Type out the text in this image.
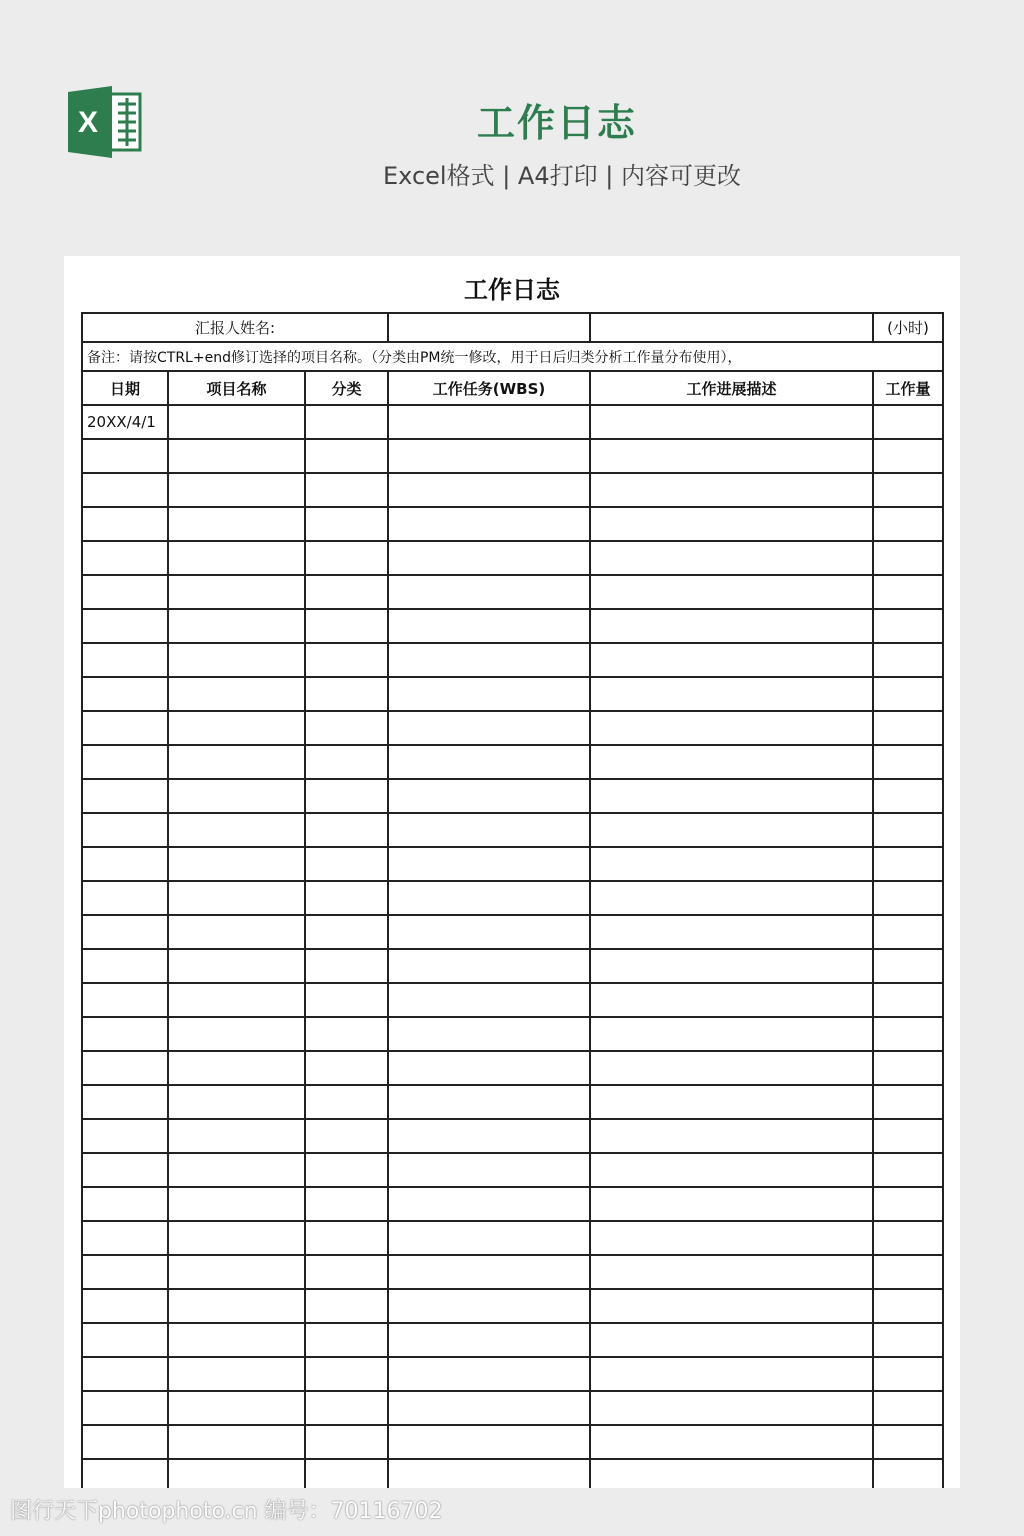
X	工作日志
Excel格式 | A4打印 | 内容可更改
工作日志
汇报人姓名:					(小时)
备注：请按CTRL+end修订选择的项目名称。（分类由PM统一修改，用于日后归类分析工作量分布使用），					
日期	项目名称	分类	工作任务(WBS)	工作进展描述	工作量
20XX/4/1					

图行天下photophoto.cn 编号：70116702
